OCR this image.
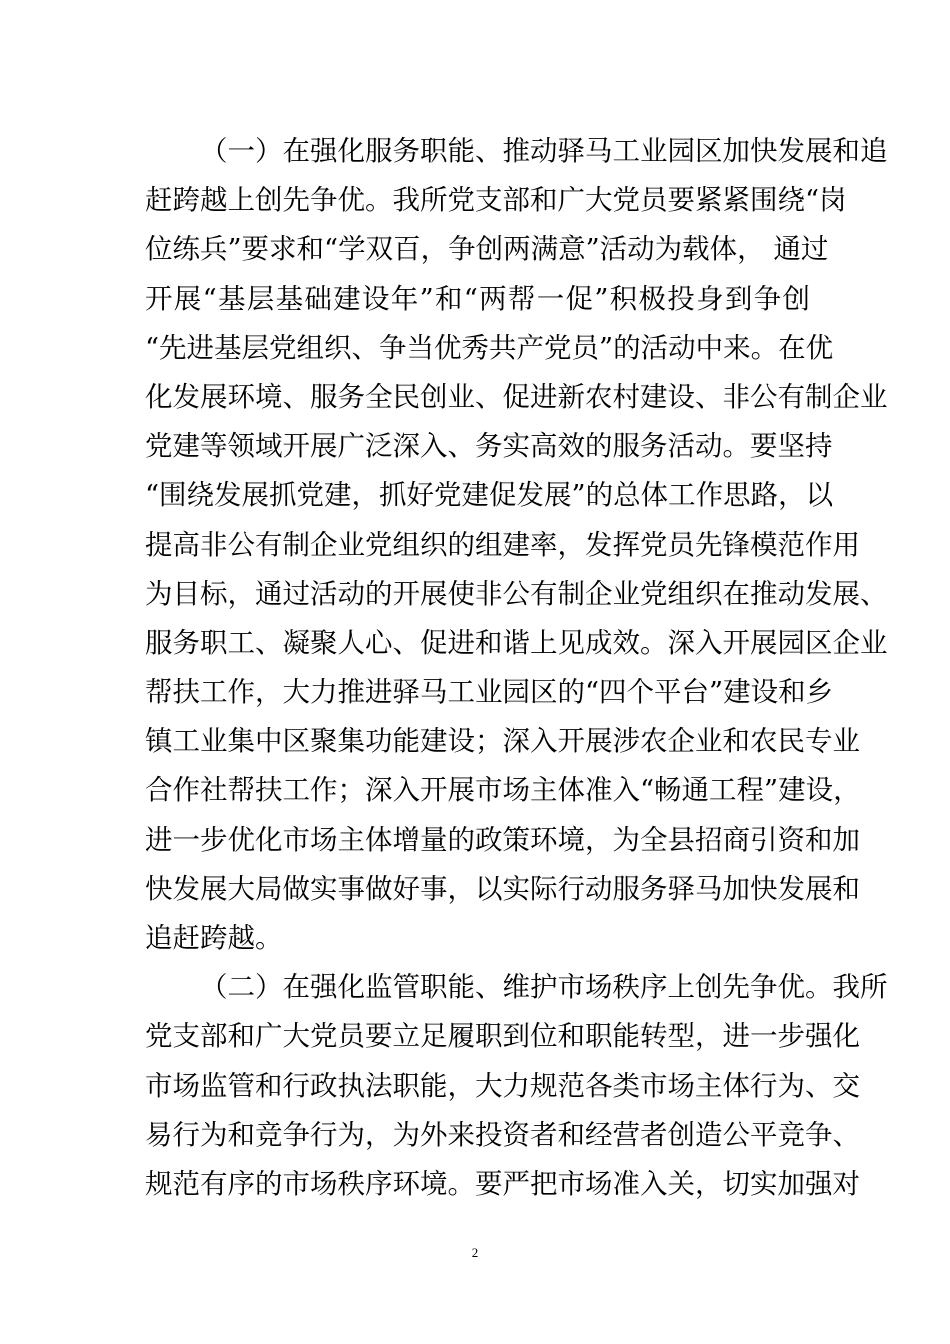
（一）在强化服务职能、推动驿马工业园区加快发展和追
赶跨越上创先争优。我所党支部和广大党员要紧紧围绕“岗
位练兵”要求和“学双百，争创两满意”活动为载体， 通过
开展“基层基础建设年”和“两帮一促”积极投身到争创
“先进基层党组织、争当优秀共产党员”的活动中来。在优
化发展环境、服务全民创业、促进新农村建设、非公有制企业
党建等领域开展广泛深入、务实高效的服务活动。要坚持
“围绕发展抓党建，抓好党建促发展”的总体工作思路，以
提高非公有制企业党组织的组建率，发挥党员先锋模范作用
为目标，通过活动的开展使非公有制企业党组织在推动发展、
服务职工、凝聚人心、促进和谐上见成效。深入开展园区企业
帮扶工作，大力推进驿马工业园区的“四个平台”建设和乡
镇工业集中区聚集功能建设；深入开展涉农企业和农民专业
合作社帮扶工作；深入开展市场主体准入“畅通工程”建设，
进一步优化市场主体增量的政策环境，为全县招商引资和加
快发展大局做实事做好事，以实际行动服务驿马加快发展和
追赶跨越。
（二）在强化监管职能、维护市场秩序上创先争优。我所
党支部和广大党员要立足履职到位和职能转型，进一步强化
市场监管和行政执法职能，大力规范各类市场主体行为、交
易行为和竞争行为，为外来投资者和经营者创造公平竞争、
规范有序的市场秩序环境。要严把市场准入关，切实加强对
2
